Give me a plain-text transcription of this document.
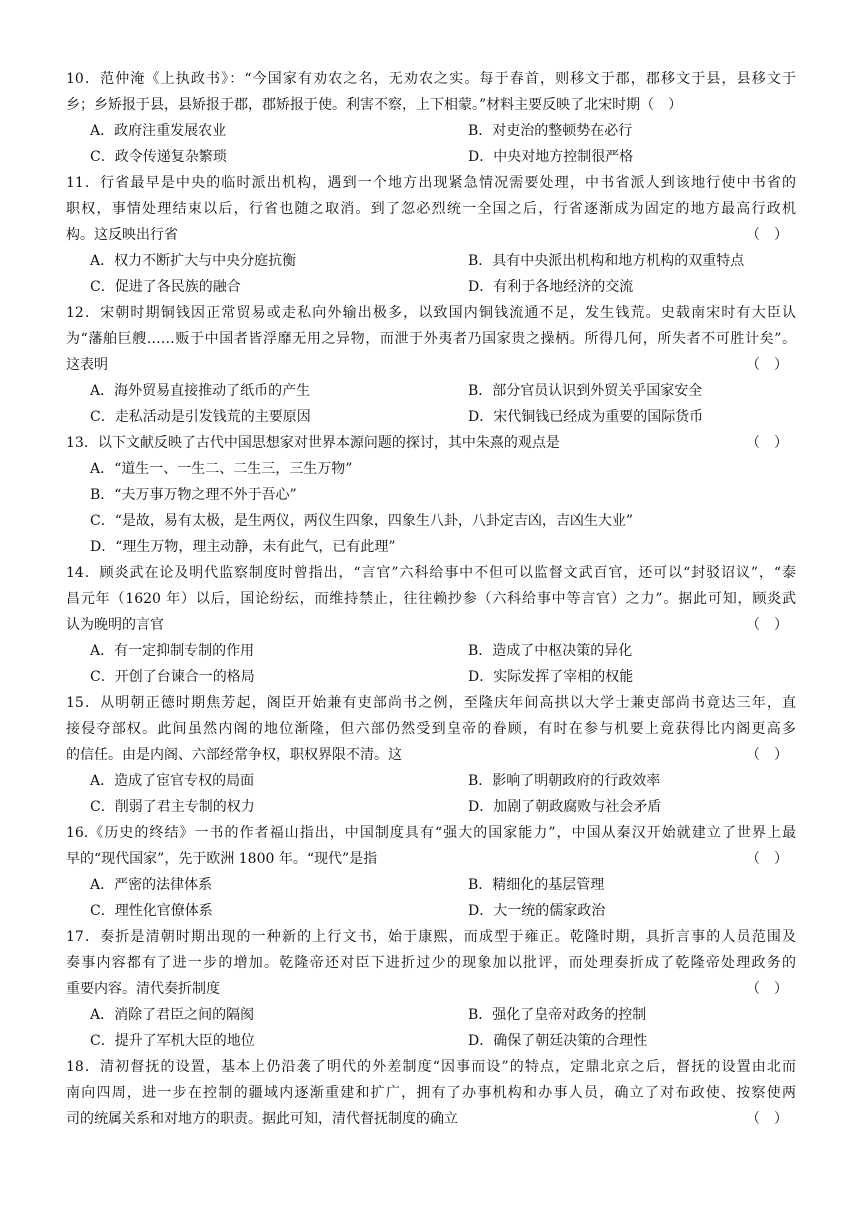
10．范仲淹《上执政书》：“今国家有劝农之名，无劝农之实。每于春首，则移文于郡，郡移文于县，县移文于
乡；乡矫报于县，县矫报于郡，郡矫报于使。利害不察，上下相蒙。”材料主要反映了北宋时期（　）
A．政府注重发展农业	B．对吏治的整顿势在必行
C．政令传递复杂繁琐	D．中央对地方控制很严格
11．行省最早是中央的临时派出机构，遇到一个地方出现紧急情况需要处理，中书省派人到该地行使中书省的
职权，事情处理结束以后，行省也随之取消。到了忽必烈统一全国之后，行省逐渐成为固定的地方最高行政机
（　）
构。这反映出行省
A．权力不断扩大与中央分庭抗衡	B．具有中央派出机构和地方机构的双重特点
C．促进了各民族的融合	D．有利于各地经济的交流
12．宋朝时期铜钱因正常贸易或走私向外输出极多，以致国内铜钱流通不足，发生钱荒。史载南宋时有大臣认
为“藩舶巨艘……贩于中国者皆浮靡无用之异物，而泄于外夷者乃国家贵之操柄。所得几何，所失者不可胜计矣”。
（　）
这表明
A．海外贸易直接推动了纸币的产生	B．部分官员认识到外贸关乎国家安全
C．走私活动是引发钱荒的主要原因	D．宋代铜钱已经成为重要的国际货币
（　）
13．以下文献反映了古代中国思想家对世界本源问题的探讨，其中朱熹的观点是
A．“道生一、一生二、二生三，三生万物”
B．“夫万事万物之理不外于吾心”
C．“是故，易有太极，是生两仪，两仪生四象，四象生八卦，八卦定吉凶，吉凶生大业”
D．“理生万物，理主动静，未有此气，已有此理”
14．顾炎武在论及明代监察制度时曾指出，“言官”六科给事中不但可以监督文武百官，还可以“封驳诏议”，“泰
昌元年（1620 年）以后，国论纷纭，而维持禁止，往往赖抄参（六科给事中等言官）之力”。据此可知，顾炎武
（　）
认为晚明的言官
A．有一定抑制专制的作用	B．造成了中枢决策的异化
C．开创了台谏合一的格局	D．实际发挥了宰相的权能
15．从明朝正德时期焦芳起，阁臣开始兼有吏部尚书之例，至隆庆年间高拱以大学士兼吏部尚书竟达三年，直
接侵夺部权。此间虽然内阁的地位渐隆，但六部仍然受到皇帝的眷顾，有时在参与机要上竟获得比内阁更高多
（　）
的信任。由是内阁、六部经常争权，职权界限不清。这
A．造成了宦官专权的局面	B．影响了明朝政府的行政效率
C．削弱了君主专制的权力	D．加剧了朝政腐败与社会矛盾
16.《历史的终结》一书的作者福山指出，中国制度具有“强大的国家能力”，中国从秦汉开始就建立了世界上最
（　）
早的“现代国家”，先于欧洲 1800 年。“现代”是指
A．严密的法律体系	B．精细化的基层管理
C．理性化官僚体系	D．大一统的儒家政治
17．奏折是清朝时期出现的一种新的上行文书，始于康熙，而成型于雍正。乾隆时期，具折言事的人员范围及
奏事内容都有了进一步的增加。乾隆帝还对臣下进折过少的现象加以批评，而处理奏折成了乾隆帝处理政务的
（　）
重要内容。清代奏折制度
A．消除了君臣之间的隔阂	B．强化了皇帝对政务的控制
C．提升了军机大臣的地位	D．确保了朝廷决策的合理性
18．清初督抚的设置，基本上仍沿袭了明代的外差制度“因事而设”的特点，定鼎北京之后，督抚的设置由北而
南向四周，进一步在控制的疆域内逐渐重建和扩广，拥有了办事机构和办事人员，确立了对布政使、按察使两
（　）
司的统属关系和对地方的职责。据此可知，清代督抚制度的确立
